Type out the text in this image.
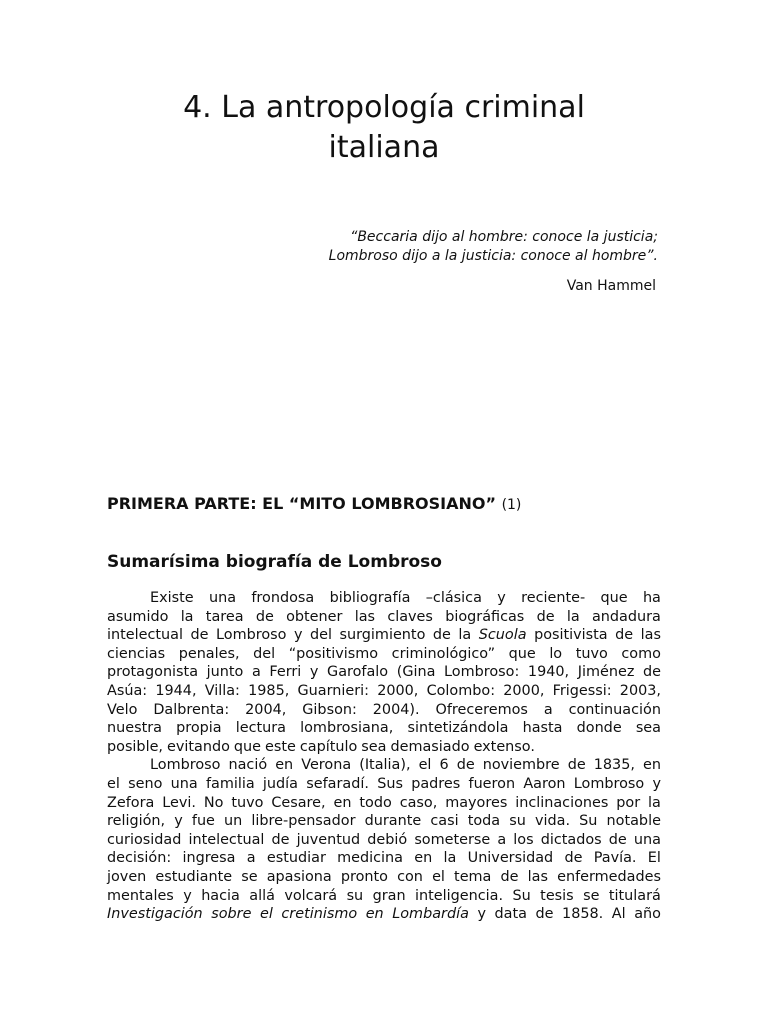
4. La antropología criminal
italiana
“Beccaria dijo al hombre: conoce la justicia;
Lombroso dijo a la justicia: conoce al hombre”.
Van Hammel
PRIMERA PARTE: EL “MITO LOMBROSIANO” (1)
Sumarísima biografía de Lombroso
Existe una frondosa bibliografía –clásica y reciente- que ha
asumido la tarea de obtener las claves biográficas de la andadura
intelectual de Lombroso y del surgimiento de la Scuola positivista de las
ciencias penales, del “positivismo criminológico” que lo tuvo como
protagonista junto a Ferri y Garofalo (Gina Lombroso: 1940, Jiménez de
Asúa: 1944, Villa: 1985, Guarnieri: 2000, Colombo: 2000, Frigessi: 2003,
Velo Dalbrenta: 2004, Gibson: 2004). Ofreceremos a continuación
nuestra propia lectura lombrosiana, sintetizándola hasta donde sea
posible, evitando que este capítulo sea demasiado extenso.
Lombroso nació en Verona (Italia), el 6 de noviembre de 1835, en
el seno una familia judía sefaradí. Sus padres fueron Aaron Lombroso y
Zefora Levi. No tuvo Cesare, en todo caso, mayores inclinaciones por la
religión, y fue un libre-pensador durante casi toda su vida. Su notable
curiosidad intelectual de juventud debió someterse a los dictados de una
decisión: ingresa a estudiar medicina en la Universidad de Pavía. El
joven estudiante se apasiona pronto con el tema de las enfermedades
mentales y hacia allá volcará su gran inteligencia. Su tesis se titulará
Investigación sobre el cretinismo en Lombardía y data de 1858. Al año
